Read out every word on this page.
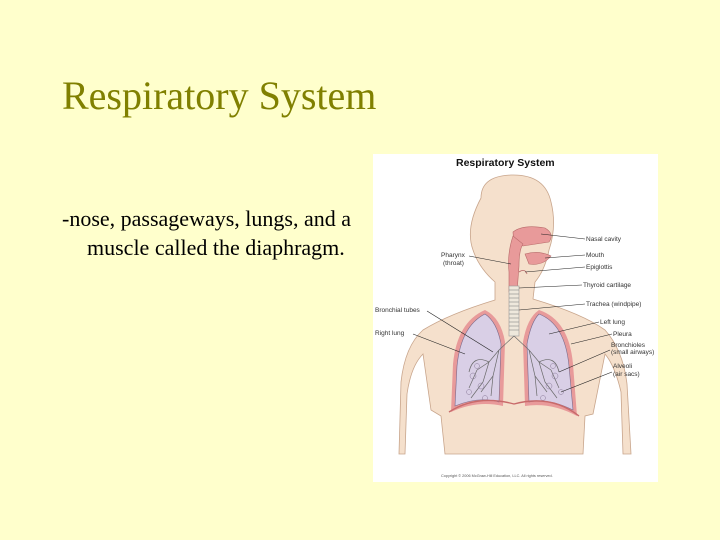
Respiratory System
-nose, passageways, lungs, and a muscle called the diaphragm.
Respiratory System
Pharynx
(throat)
Bronchial tubes
Right lung
Nasal cavity
Mouth
Epiglottis
Thyroid cartilage
Trachea (windpipe)
Left lung
Pleura
Bronchioles
(small airways)
Alveoli
(air sacs)
Copyright © 2006 McGraw-Hill Education, LLC. All rights reserved.
